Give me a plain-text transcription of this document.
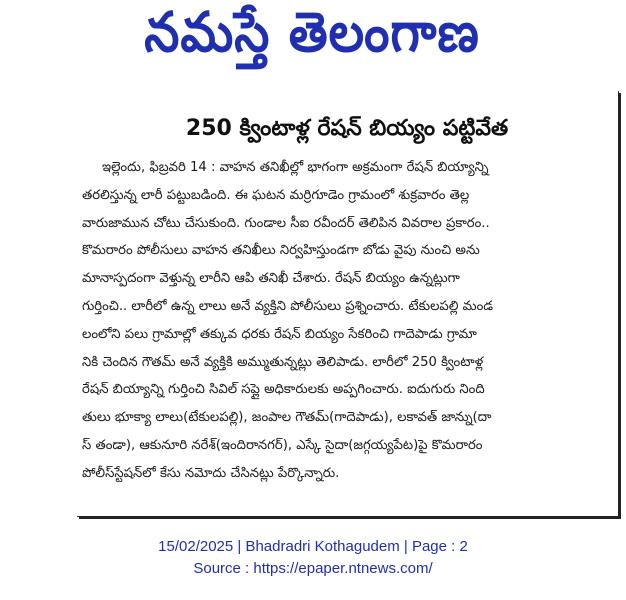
నమస్తే తెలంగాణ
250 క్వింటాళ్ల రేషన్ బియ్యం పట్టివేత
ఇల్లెందు, ఫిబ్రవరి 14 : వాహన తనిఖీల్లో భాగంగా అక్రమంగా రేషన్ బియ్యాన్ని
తరలిస్తున్న లారీ పట్టుబడింది. ఈ ఘటన మర్రిగూడెం గ్రామంలో శుక్రవారం తెల్ల
వారుజామున చోటు చేసుకుంది. గుండాల సీఐ రవీందర్ తెలిపిన వివరాల ప్రకారం..
కొమరారం పోలీసులు వాహన తనిఖీలు నిర్వహిస్తుండగా బోడు వైపు నుంచి అను
మానాస్పదంగా వెళ్తున్న లారీని ఆపి తనిఖీ చేశారు. రేషన్ బియ్యం ఉన్నట్లుగా
గుర్తించి.. లారీలో ఉన్న లాలు అనే వ్యక్తిని పోలీసులు ప్రశ్నించారు. టేకులపల్లి మండ
లంలోని పలు గ్రామాల్లో తక్కువ ధరకు రేషన్ బియ్యం సేకరించి గాదెపాడు గ్రామా
నికి చెందిన గౌతమ్ అనే వ్యక్తికి అమ్ముతున్నట్లు తెలిపాడు. లారీలో 250 క్వింటాళ్ల
రేషన్ బియ్యాన్ని గుర్తించి సివిల్ సప్లై అధికారులకు అప్పగించారు. ఐదుగురు నింది
తులు భూక్యా లాలు(టేకులపల్లి), జంపాల గౌతమ్(గాదెపాడు), లకావత్ జాన్ను(దా
స్ తండా), ఆకునూరి నరేశ్(ఇందిరానగర్), ఎస్కే సైదా(జగ్గయ్యపేట)పై కొమరారం
పోలీస్‌స్టేషన్‌లో కేసు నమోదు చేసినట్లు పేర్కొన్నారు.
15/02/2025 | Bhadradri Kothagudem | Page : 2
Source : https://epaper.ntnews.com/
